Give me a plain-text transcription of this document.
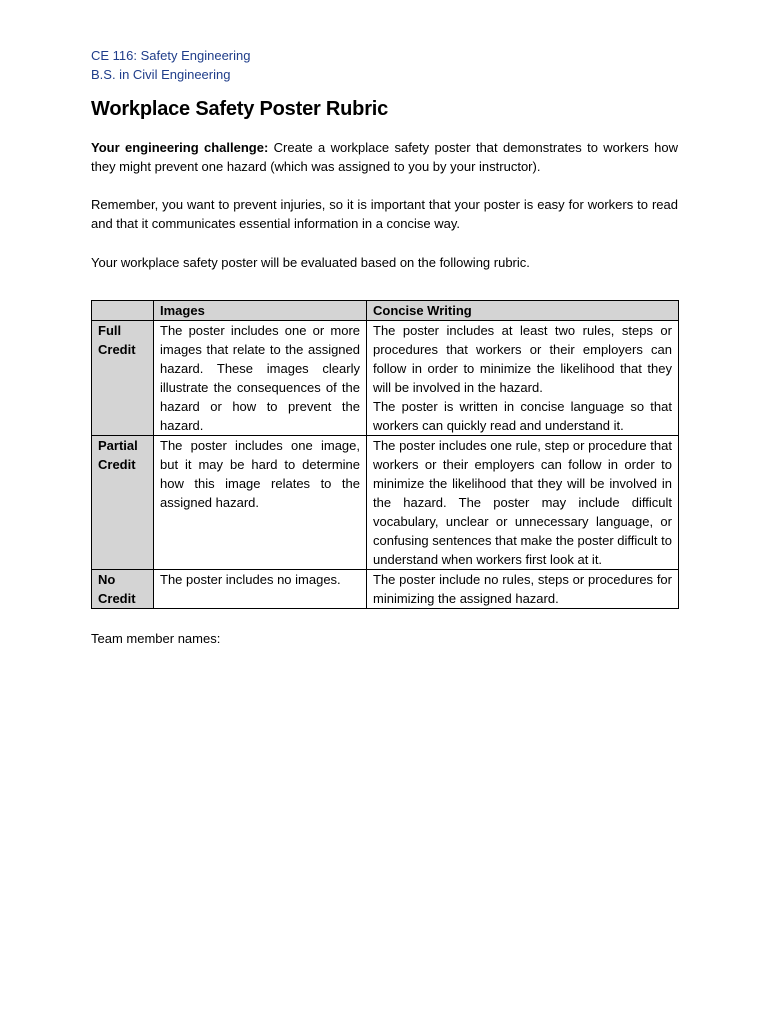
CE 116: Safety Engineering
B.S. in Civil Engineering
Workplace Safety Poster Rubric

Your engineering challenge: Create a workplace safety poster that demonstrates to workers how they might prevent one hazard (which was assigned to you by your instructor).

Remember, you want to prevent injuries, so it is important that your poster is easy for workers to read and that it communicates essential information in a concise way.

Your workplace safety poster will be evaluated based on the following rubric.

	Images	Concise Writing
Full Credit	The poster includes one or more images that relate to the assigned hazard. These images clearly illustrate the consequences of the hazard or how to prevent the hazard.	The poster includes at least two rules, steps or procedures that workers or their employers can follow in order to minimize the likelihood that they will be involved in the hazard.
The poster is written in concise language so that workers can quickly read and understand it.

Partial Credit	The poster includes one image, but it may be hard to determine how this image relates to the assigned hazard.	The poster includes one rule, step or procedure that workers or their employers can follow in order to minimize the likelihood that they will be involved in the hazard. The poster may include difficult vocabulary, unclear or unnecessary language, or confusing sentences that make the poster difficult to understand when workers first look at it.
No Credit	The poster includes no images.	The poster include no rules, steps or procedures for minimizing the assigned hazard.
Team member names:
